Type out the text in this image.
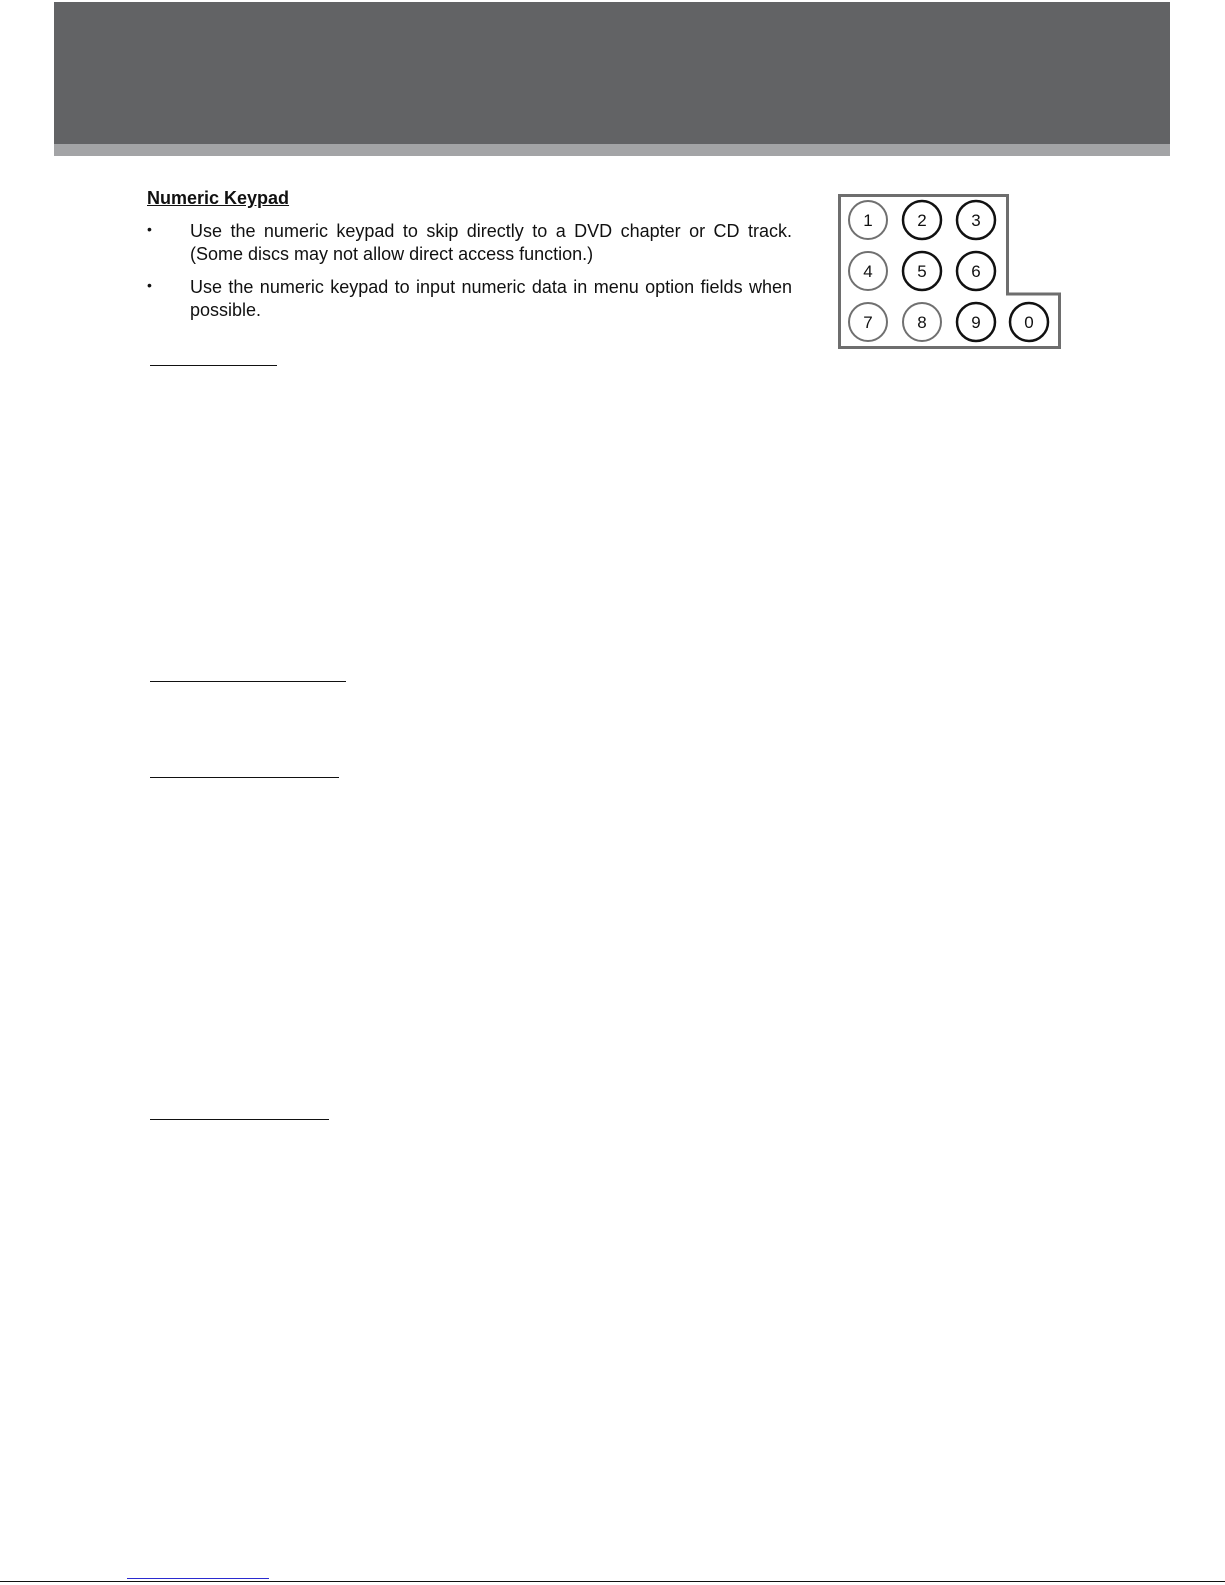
Numeric Keypad
• Use the numeric keypad to skip directly to a DVD chapter or CD track. (Some discs may not allow direct access function.)
• Use the numeric keypad to input numeric data in menu option fields when possible.
1	2	3
4	5	6
7	8	9	0
